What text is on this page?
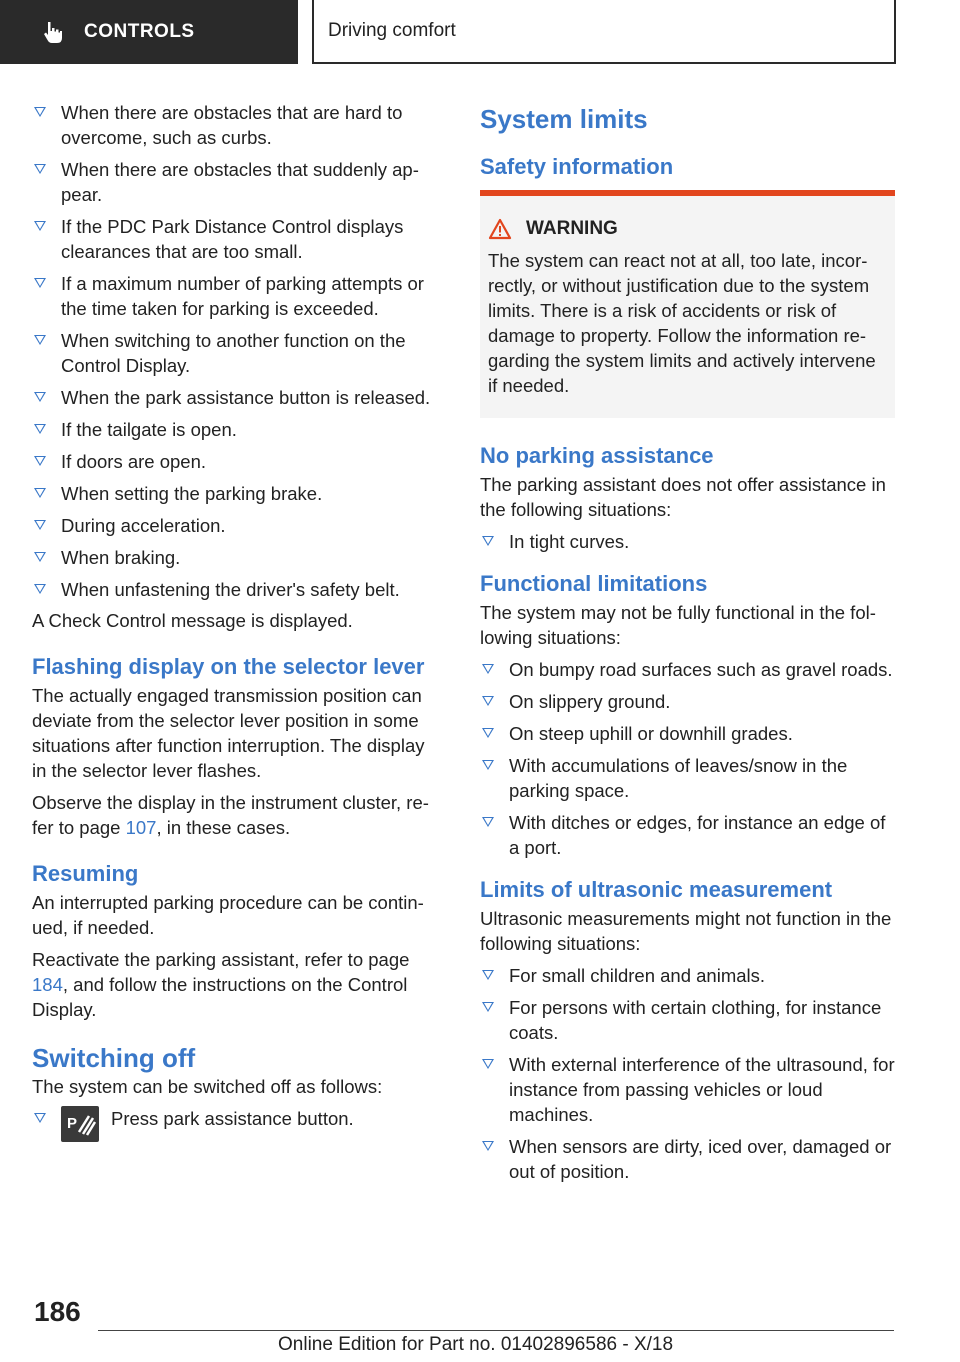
CONTROLS	Driving comfort
When there are obstacles that are hard to overcome, such as curbs.
When there are obstacles that suddenly appear.
If the PDC Park Distance Control displays clearances that are too small.
If a maximum number of parking attempts or the time taken for parking is exceeded.
When switching to another function on the Control Display.
When the park assistance button is released.
If the tailgate is open.
If doors are open.
When setting the parking brake.
During acceleration.
When braking.
When unfastening the driver's safety belt.

A Check Control message is displayed.

Flashing display on the selector lever

The actually engaged transmission position can deviate from the selector lever position in some situations after function interruption. The display in the selector lever flashes.

Observe the display in the instrument cluster, refer to page 107, in these cases.

Resuming

An interrupted parking procedure can be continued, if needed.

Reactivate the parking assistant, refer to page 184, and follow the instructions on the Control Display.

Switching off

The system can be switched off as follows:

P Press park assistance button.
System limits
Safety information
WARNING

The system can react not at all, too late, incorrectly, or without justification due to the system limits. There is a risk of accidents or risk of damage to property. Follow the information regarding the system limits and actively intervene if needed.

No parking assistance

The parking assistant does not offer assistance in the following situations:

In tight curves.
Functional limitations

The system may not be fully functional in the following situations:

On bumpy road surfaces such as gravel roads.
On slippery ground.
On steep uphill or downhill grades.
With accumulations of leaves/snow in the parking space.
With ditches or edges, for instance an edge of a port.
Limits of ultrasonic measurement

Ultrasonic measurements might not function in the following situations:

For small children and animals.
For persons with certain clothing, for instance coats.
With external interference of the ultrasound, for instance from passing vehicles or loud machines.
When sensors are dirty, iced over, damaged or out of position.
186
Online Edition for Part no. 01402896586 - X/18
